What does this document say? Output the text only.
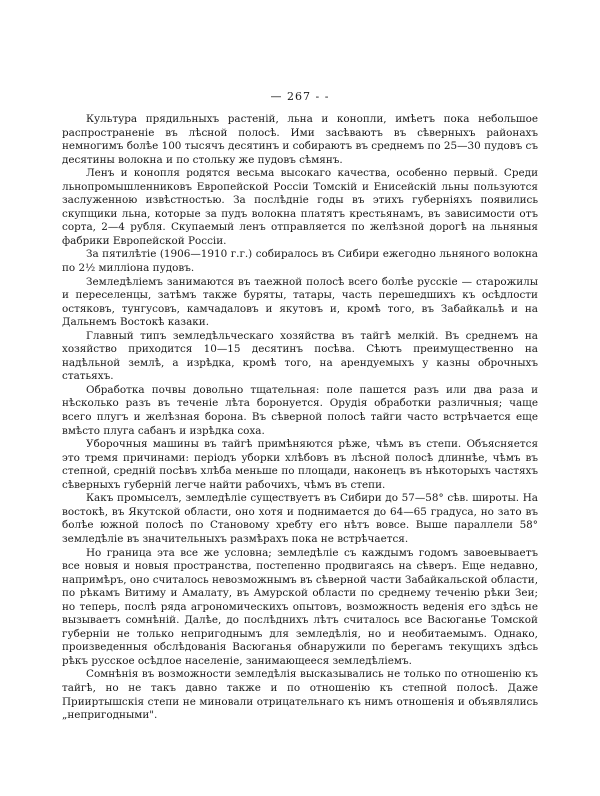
— 267 - -

Культура прядильныхъ растеній, льна и конопли, имѣетъ пока небольшое распространеніе въ лѣсной полосѣ. Ими засѣваютъ въ сѣверныхъ районахъ немногимъ болѣе 100 тысячъ десятинъ и собираютъ въ среднемъ по 25—30 пудовъ съ десятины волокна и по стольку же пудовъ сѣмянъ.

Ленъ и конопля родятся весьма высокаго качества, особенно первый. Среди льнопромышленниковъ Европейской Россіи Томскій и Енисейскій льны пользуются заслуженною извѣстностью. За послѣдніе годы въ этихъ губерніяхъ появились скупщики льна, которые за пудъ волокна платятъ крестьянамъ, въ зависимости отъ сорта, 2—4 рубля. Скупаемый ленъ отправляется по желѣзной дорогѣ на льняныя фабрики Европейской Россіи.

За пятилѣтіе (1906—1910 г.г.) собиралось въ Сибири ежегодно льняного волокна по 2½ милліона пудовъ.

Земледѣліемъ занимаются въ таежной полосѣ всего болѣе русскіе — старожилы и переселенцы, затѣмъ также буряты, татары, часть перешедшихъ къ осѣдлости остяковъ, тунгусовъ, камчадаловъ и якутовъ и, кромѣ того, въ Забайкальѣ и на Дальнемъ Востокѣ казаки.

Главный типъ земледѣльческаго хозяйства въ тайгѣ мелкій. Въ среднемъ на хозяйство приходится 10—15 десятинъ посѣва. Сѣютъ преимущественно на надѣльной землѣ, а изрѣдка, кромѣ того, на арендуемыхъ у казны оброчныхъ статьяхъ.

Обработка почвы довольно тщательная: поле пашется разъ или два раза и нѣсколько разъ въ теченіе лѣта боронуется. Орудія обработки различныя; чаще всего плугъ и желѣзная борона. Въ сѣверной полосѣ тайги часто встрѣчается еще вмѣсто плуга сабанъ и изрѣдка соха.

Уборочныя машины въ тайгѣ примѣняются рѣже, чѣмъ въ степи. Объясняется это тремя причинами: періодъ уборки хлѣбовъ въ лѣсной полосѣ длиннѣе, чѣмъ въ степной, средній посѣвъ хлѣба меньше по площади, наконецъ въ нѣкоторыхъ частяхъ сѣверныхъ губерній легче найти рабочихъ, чѣмъ въ степи.

Какъ промыселъ, земледѣліе существуетъ въ Сибири до 57—58° сѣв. широты. На востокѣ, въ Якутской области, оно хотя и поднимается до 64—65 градуса, но зато въ болѣе южной полосѣ по Становому хребту его нѣтъ вовсе. Выше параллели 58° земледѣліе въ значительныхъ размѣрахъ пока не встрѣчается.

Но граница эта все же условна; земледѣліе съ каждымъ годомъ завоевываетъ все новыя и новыя пространства, постепенно продвигаясь на сѣверъ. Еще недавно, напримѣръ, оно считалось невозможнымъ въ сѣверной части Забайкальской области, по рѣкамъ Витиму и Амалату, въ Амурской области по среднему теченію рѣки Зеи; но теперь, послѣ ряда агрономическихъ опытовъ, возможность веденія его здѣсь не вызываетъ сомнѣній. Далѣе, до послѣднихъ лѣтъ считалось все Васюганье Томской губерніи не только непригоднымъ для земледѣлія, но и необитаемымъ. Однако, произведенныя обслѣдованія Васюганья обнаружили по берегамъ текущихъ здѣсь рѣкъ русское осѣдлое населеніе, занимающееся земледѣліемъ.

Сомнѣнія въ возможности земледѣлія высказывались не только по отношенію къ тайгѣ, но не такъ давно также и по отношенію къ степной полосѣ. Даже Прииртышскія степи не миновали отрицательнаго къ нимъ отношенія и объявлялись „непригодными".
